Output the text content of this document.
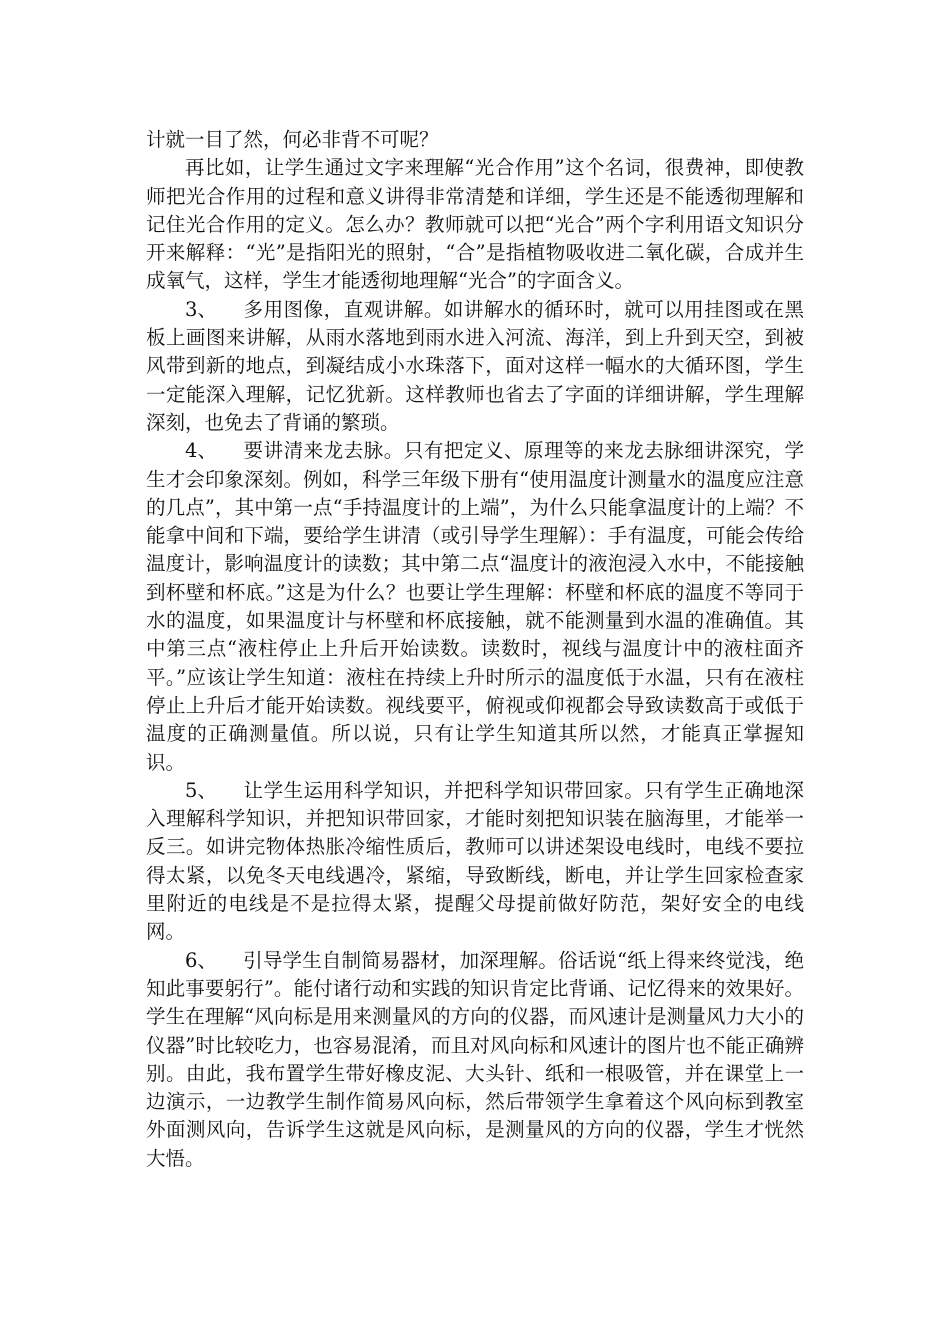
计就一目了然，何必非背不可呢？

再比如，让学生通过文字来理解“光合作用”这个名词，很费神，即使教师把光合作用的过程和意义讲得非常清楚和详细，学生还是不能透彻理解和记住光合作用的定义。怎么办？教师就可以把“光合”两个字利用语文知识分开来解释：“光”是指阳光的照射，“合”是指植物吸收进二氧化碳，合成并生成氧气，这样，学生才能透彻地理解“光合”的字面含义。

3、 多用图像，直观讲解。如讲解水的循环时，就可以用挂图或在黑板上画图来讲解，从雨水落地到雨水进入河流、海洋，到上升到天空，到被风带到新的地点，到凝结成小水珠落下，面对这样一幅水的大循环图，学生一定能深入理解，记忆犹新。这样教师也省去了字面的详细讲解，学生理解深刻，也免去了背诵的繁琐。

4、 要讲清来龙去脉。只有把定义、原理等的来龙去脉细讲深究，学生才会印象深刻。例如，科学三年级下册有“使用温度计测量水的温度应注意的几点”，其中第一点“手持温度计的上端”，为什么只能拿温度计的上端？不能拿中间和下端，要给学生讲清（或引导学生理解）：手有温度，可能会传给温度计，影响温度计的读数；其中第二点“温度计的液泡浸入水中，不能接触到杯壁和杯底。”这是为什么？也要让学生理解：杯壁和杯底的温度不等同于水的温度，如果温度计与杯壁和杯底接触，就不能测量到水温的准确值。其中第三点“液柱停止上升后开始读数。读数时，视线与温度计中的液柱面齐平。”应该让学生知道：液柱在持续上升时所示的温度低于水温，只有在液柱停止上升后才能开始读数。视线要平，俯视或仰视都会导致读数高于或低于温度的正确测量值。所以说，只有让学生知道其所以然，才能真正掌握知识。

5、 让学生运用科学知识，并把科学知识带回家。只有学生正确地深入理解科学知识，并把知识带回家，才能时刻把知识装在脑海里，才能举一反三。如讲完物体热胀冷缩性质后，教师可以讲述架设电线时，电线不要拉得太紧，以免冬天电线遇冷，紧缩，导致断线，断电，并让学生回家检查家里附近的电线是不是拉得太紧，提醒父母提前做好防范，架好安全的电线网。

6、 引导学生自制简易器材，加深理解。俗话说“纸上得来终觉浅，绝知此事要躬行”。能付诸行动和实践的知识肯定比背诵、记忆得来的效果好。学生在理解“风向标是用来测量风的方向的仪器，而风速计是测量风力大小的仪器”时比较吃力，也容易混淆，而且对风向标和风速计的图片也不能正确辨别。由此，我布置学生带好橡皮泥、大头针、纸和一根吸管，并在课堂上一边演示，一边教学生制作简易风向标，然后带领学生拿着这个风向标到教室外面测风向，告诉学生这就是风向标，是测量风的方向的仪器，学生才恍然大悟。
